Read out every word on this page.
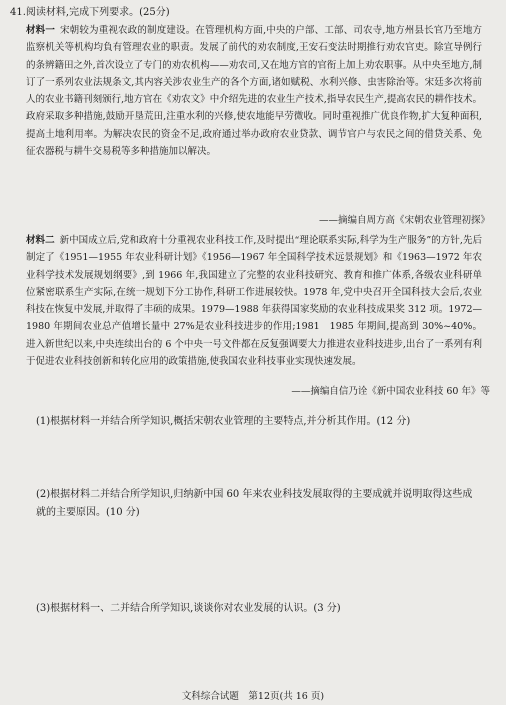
41.阅读材料,完成下列要求。(25分)

材料一 宋朝较为重视农政的制度建设。在管理机构方面,中央的户部、工部、司农寺,地方州县长官乃至地方监察机关等机构均負有管理农业的职责。发展了前代的劝农制度,王安石变法时期推行劝农官吏。除宣导例行的条辨籍田之外,首次设立了专门的劝农机构——劝农司,又在地方官的官衔上加上劝农职事。从中央至地方,制订了一系列农业法规条文,其内容关涉农业生产的各个方面,诸如赋税、水利兴修、虫害除治等。宋廷多次将前人的农业书籍刊刻颁行,地方官在《劝农文》中介绍先进的农业生产技术,指导农民生产,提高农民的耕作技术。政府采取多种措施,鼓励开垦荒田,注重水利的兴修,使农地能早劳微收。同时重视推广优良作物,扩大复种面积,提高土地利用率。为解决农民的资金不足,政府通过举办政府农业贷款、调节官户与农民之间的借贷关系、免征农器税与耕牛交易税等多种措施加以解决。

——摘编自周方高《宋朝农业管理初探》

材料二 新中国成立后,党和政府十分重视农业科技工作,及时提出“理论联系实际,科学为生产服务”的方针,先后制定了《1951—1955 年农业科研计划》《1956—1967 年全国科学技术远景规划》和《1963—1972 年农业科学技术发展规划纲要》,到 1966 年,我国建立了完整的农业科技研究、教育和推广体系,各级农业科研单位紧密联系生产实际,在统一规划下分工协作,科研工作进展较快。1978 年,党中央召开全国科技大会后,农业科技在恢复中发展,并取得了丰硕的成果。1979—1988 年获得国家奖励的农业科技成果奖 312 项。1972—1980 年期间农业总产值增长量中 27%是农业科技进步的作用;1981　1985 年期间,提高到 30%~40%。进入新世纪以来,中央连续出台的 6 个中央一号文件都在反复强调要大力推进农业科技进步,出台了一系列有利于促进农业科技创新和转化应用的政策措施,使我国农业科技事业实现快速发展。

——摘编自信乃诠《新中国农业科技 60 年》等
(1)根据材料一并结合所学知识,概括宋朝农业管理的主要特点,并分析其作用。(12 分)
(2)根据材料二并结合所学知识,归纳新中国 60 年来农业科技发展取得的主要成就并说明取得这些成就的主要原因。(10 分)
(3)根据材料一、二并结合所学知识,谈谈你对农业发展的认识。(3 分)
文科综合试题　第12页(共 16 页)
